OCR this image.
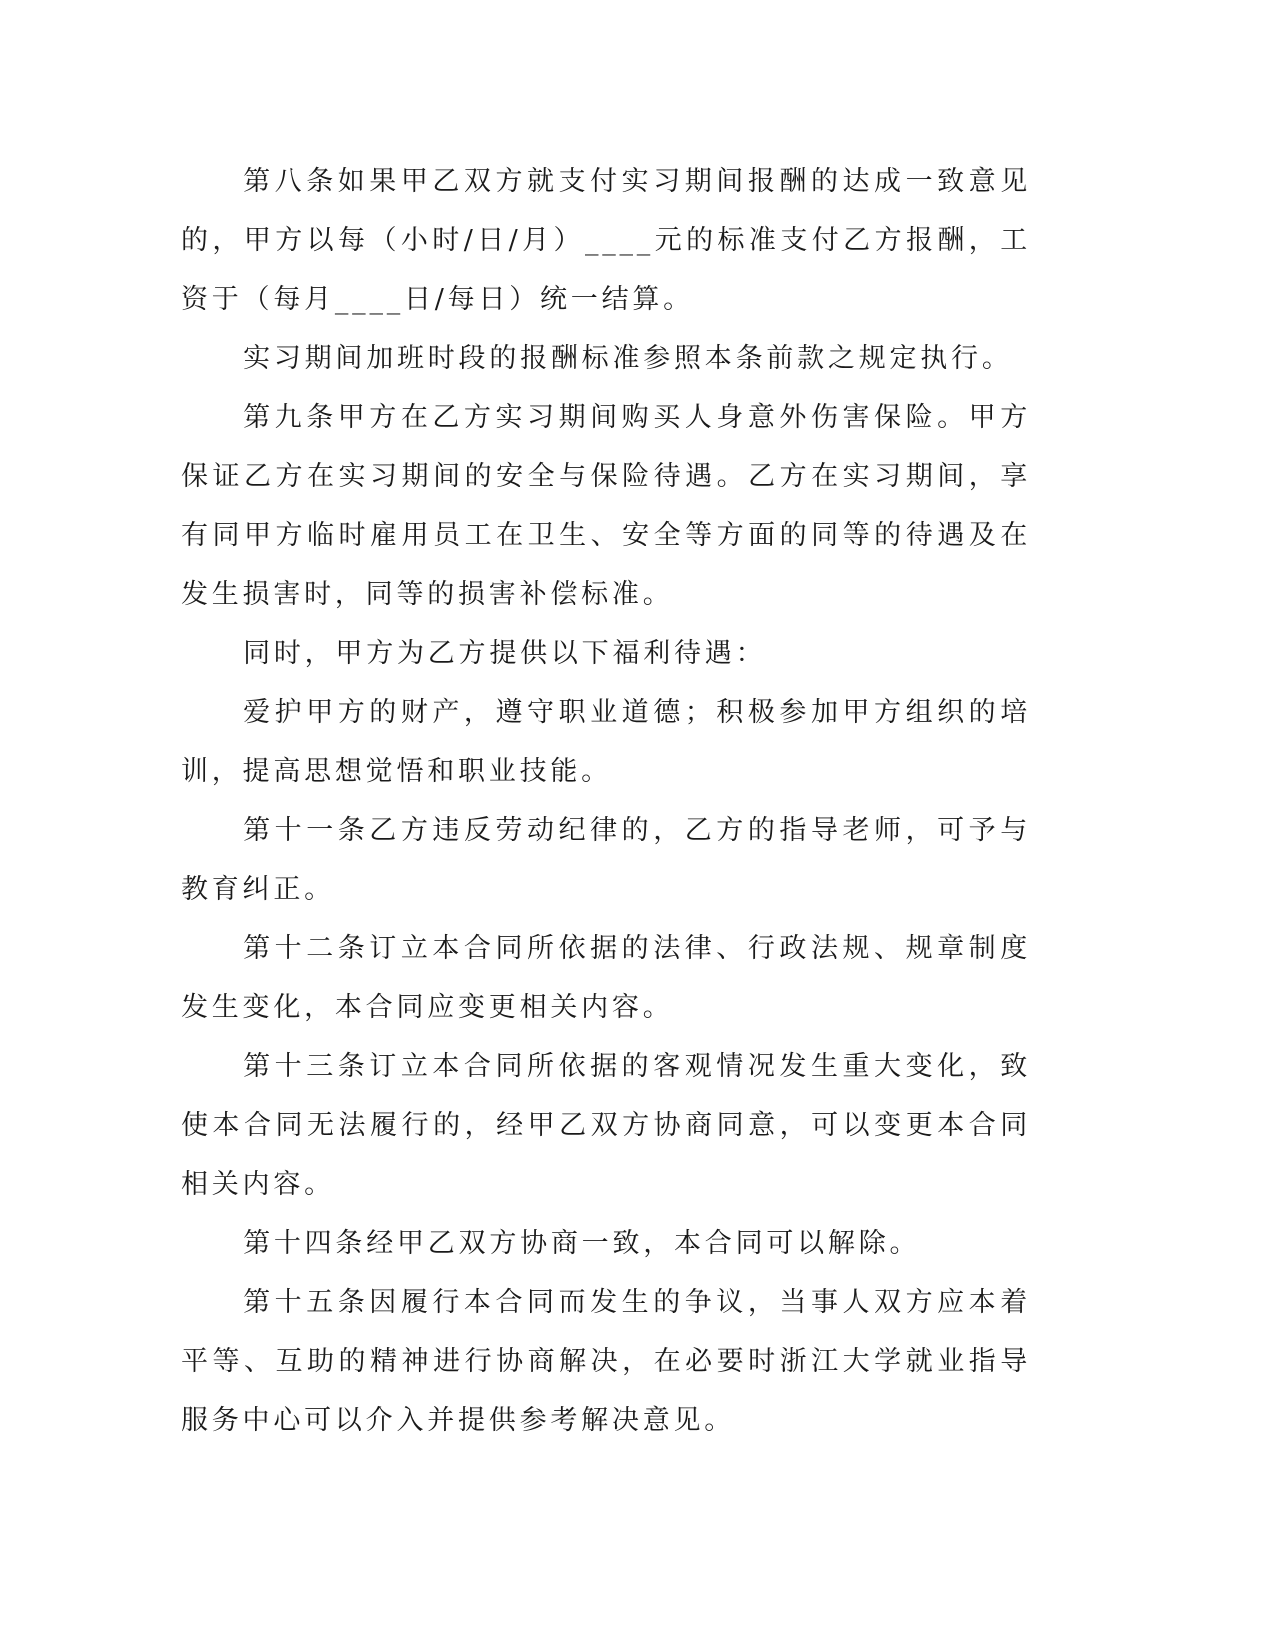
第八条如果甲乙双方就支付实习期间报酬的达成一致意见的，甲方以每（小时/日/月）____元的标准支付乙方报酬，工资于（每月____日/每日）统一结算。

实习期间加班时段的报酬标准参照本条前款之规定执行。

第九条甲方在乙方实习期间购买人身意外伤害保险。甲方保证乙方在实习期间的安全与保险待遇。乙方在实习期间，享有同甲方临时雇用员工在卫生、安全等方面的同等的待遇及在发生损害时，同等的损害补偿标准。

同时，甲方为乙方提供以下福利待遇：

爱护甲方的财产，遵守职业道德；积极参加甲方组织的培训，提高思想觉悟和职业技能。

第十一条乙方违反劳动纪律的，乙方的指导老师，可予与教育纠正。

第十二条订立本合同所依据的法律、行政法规、规章制度发生变化，本合同应变更相关内容。

第十三条订立本合同所依据的客观情况发生重大变化，致使本合同无法履行的，经甲乙双方协商同意，可以变更本合同相关内容。

第十四条经甲乙双方协商一致，本合同可以解除。

第十五条因履行本合同而发生的争议，当事人双方应本着平等、互助的精神进行协商解决，在必要时浙江大学就业指导服务中心可以介入并提供参考解决意见。
